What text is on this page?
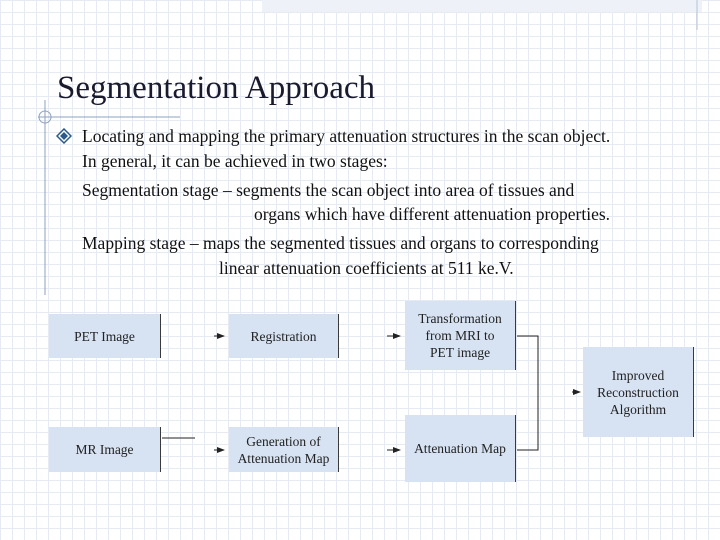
Segmentation Approach
Locating and mapping the primary attenuation structures in the scan object.
In general, it can be achieved in two stages:
Segmentation stage – segments the scan object into area of tissues and
organs which have different attenuation properties.
Mapping stage – maps the segmented tissues and organs to corresponding
linear attenuation coefficients at 511 ke.V.
PET Image	Registration
Transformation
from MRI to
PET image
Improved
Reconstruction
Algorithm
MR Image
Generation of
Attenuation Map
Attenuation Map
